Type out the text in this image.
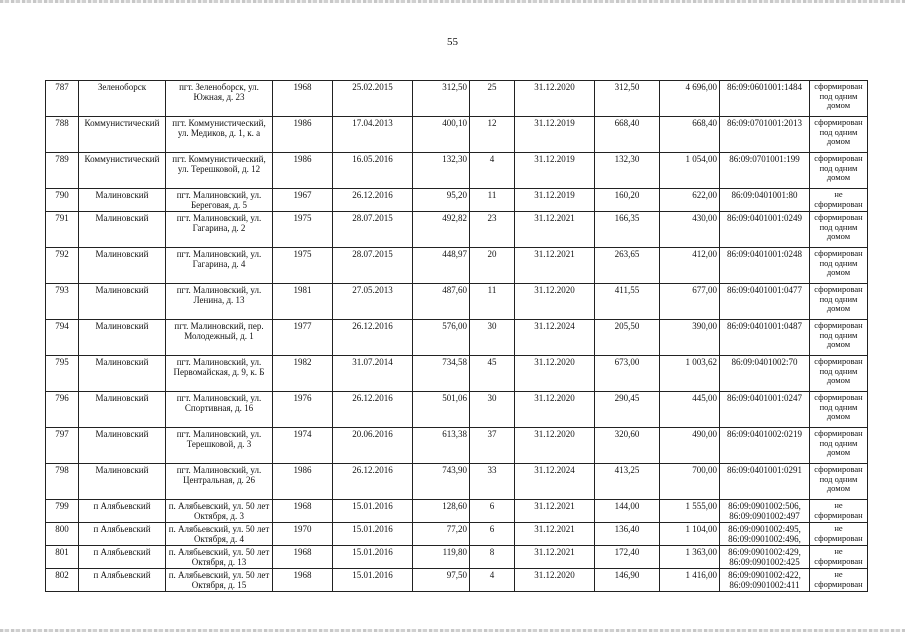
55
787	Зеленоборск	пгт. Зеленоборск, ул. Южная, д. 23	1968	25.02.2015	312,50	25	31.12.2020	312,50	4 696,00	86:09:0601001:1484	сформирован под одним домом
788	Коммунистический	пгт. Коммунистический, ул. Медиков, д. 1, к. а	1986	17.04.2013	400,10	12	31.12.2019	668,40	668,40	86:09:0701001:2013	сформирован под одним домом
789	Коммунистический	пгт. Коммунистический, ул. Терешковой, д. 12	1986	16.05.2016	132,30	4	31.12.2019	132,30	1 054,00	86:09:0701001:199	сформирован под одним домом
790	Малиновский	пгт. Малиновский, ул. Береговая, д. 5	1967	26.12.2016	95,20	11	31.12.2019	160,20	622,00	86:09:0401001:80	не сформирован
791	Малиновский	пгт. Малиновский, ул. Гагарина, д. 2	1975	28.07.2015	492,82	23	31.12.2021	166,35	430,00	86:09:0401001:0249	сформирован под одним домом
792	Малиновский	пгт. Малиновский, ул. Гагарина, д. 4	1975	28.07.2015	448,97	20	31.12.2021	263,65	412,00	86:09:0401001:0248	сформирован под одним домом
793	Малиновский	пгт. Малиновский, ул. Ленина, д. 13	1981	27.05.2013	487,60	11	31.12.2020	411,55	677,00	86:09:0401001:0477	сформирован под одним домом
794	Малиновский	пгт. Малиновский, пер. Молодежный, д. 1	1977	26.12.2016	576,00	30	31.12.2024	205,50	390,00	86:09:0401001:0487	сформирован под одним домом
795	Малиновский	пгт. Малиновский, ул. Первомайская, д. 9, к. Б	1982	31.07.2014	734,58	45	31.12.2020	673,00	1 003,62	86:09:0401002:70	сформирован под одним домом
796	Малиновский	пгт. Малиновский, ул. Спортивная, д. 16	1976	26.12.2016	501,06	30	31.12.2020	290,45	445,00	86:09:0401001:0247	сформирован под одним домом
797	Малиновский	пгт. Малиновский, ул. Терешковой, д. 3	1974	20.06.2016	613,38	37	31.12.2020	320,60	490,00	86:09:0401002:0219	сформирован под одним домом
798	Малиновский	пгт. Малиновский, ул. Центральная, д. 26	1986	26.12.2016	743,90	33	31.12.2024	413,25	700,00	86:09:0401001:0291	сформирован под одним домом
799	п Алябьевский	п. Алябьевский, ул. 50 лет Октября, д. 3	1968	15.01.2016	128,60	6	31.12.2021	144,00	1 555,00	86:09:0901002:506, 86:09:0901002:497	не сформирован
800	п Алябьевский	п. Алябьевский, ул. 50 лет Октября, д. 4	1970	15.01.2016	77,20	6	31.12.2021	136,40	1 104,00	86:09:0901002:495, 86:09:0901002:496,	не сформирован
801	п Алябьевский	п. Алябьевский, ул. 50 лет Октября, д. 13	1968	15.01.2016	119,80	8	31.12.2021	172,40	1 363,00	86:09:0901002:429, 86:09:0901002:425	не сформирован
802	п Алябьевский	п. Алябьевский, ул. 50 лет Октября, д. 15	1968	15.01.2016	97,50	4	31.12.2020	146,90	1 416,00	86:09:0901002:422, 86:09:0901002:411	не сформирован
